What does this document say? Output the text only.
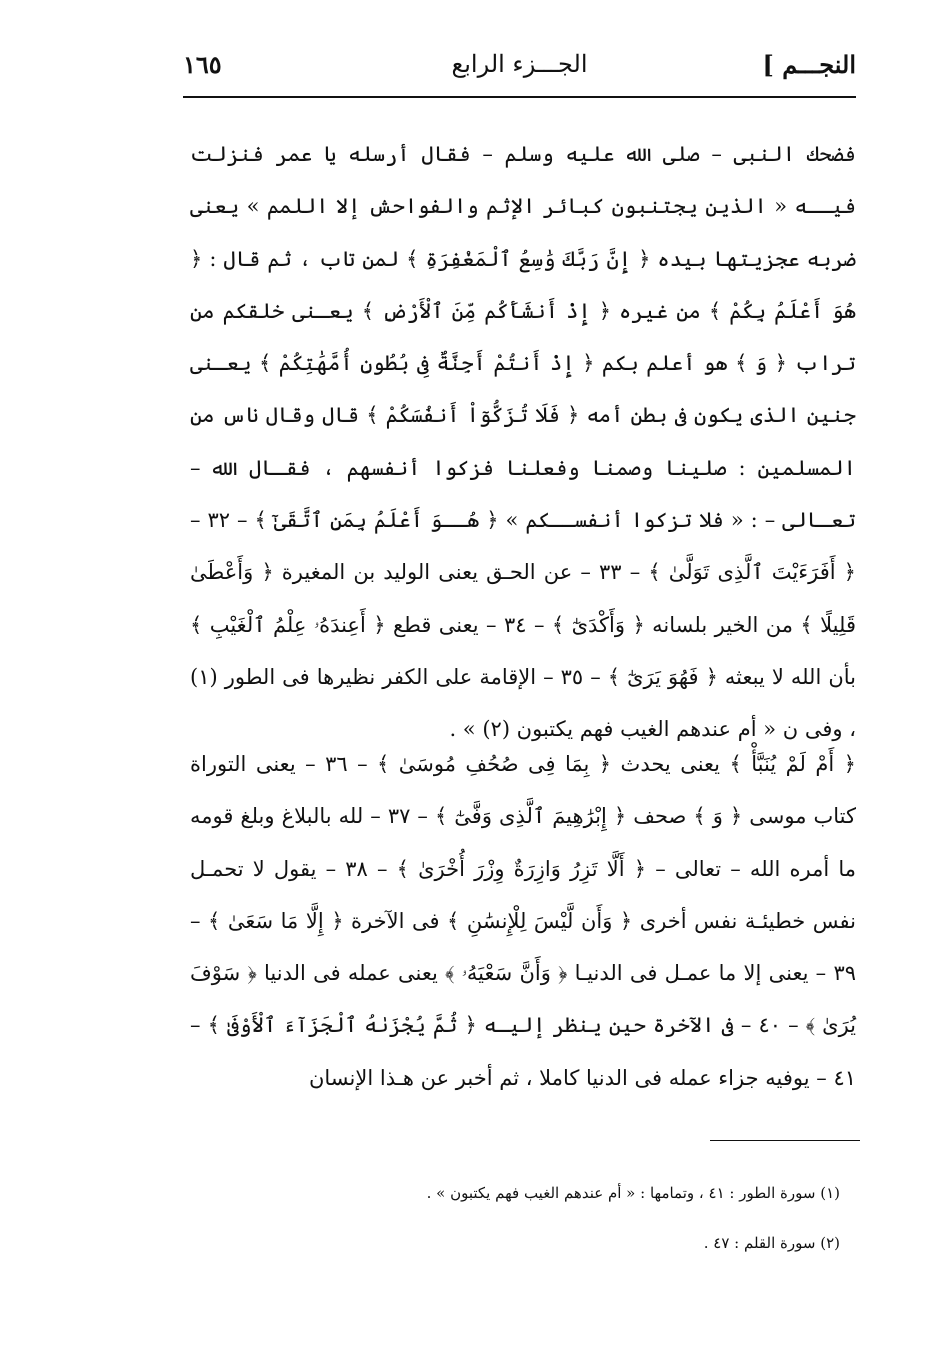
النجـــم ]
الجـــزء الرابع
١٦٥

فضحك النبى – صلى الله عليه وسلم – فقال أرسله يا عمر فنزلت فيــه « الذين يجتنبون كبائر الإثم والفواحش إلا اللمم » يعنى ضربه عجزيتها بيده ﴿ إِنَّ رَبَّكَ وَٰسِعُ ٱلْمَغْفِرَةِ ﴾ لمن تاب ، ثم قال : ﴿ هُوَ أَعْلَمُ بِكُمْ ﴾ من غيره ﴿ إِذْ أَنشَأَكُم مِّنَ ٱلْأَرْضِ ﴾ يعـنى خلقكم من تراب ﴿ وَ ﴾ هو أعلم بكم ﴿ إِذْ أَنتُمْ أَجِنَّةٌ فِى بُطُونِ أُمَّهَٰتِكُمْ ﴾ يعـنى جنين الذى يكون فى بطن أمه ﴿ فَلَا تُزَكُّوٓاْ أَنفُسَكُمْ ﴾ قال وقال ناس من المسلمين : صلينا وصمنا وفعلنا فزكوا أنفسهم ، فقـال الله – تعـالى – : « فلا تزكوا أنفســكم » ﴿ هُــوَ أَعْلَمُ بِمَنِ ٱتَّقَىٰٓ ﴾ – ٣٢ – ﴿ أَفَرَءَيْتَ ٱلَّذِى تَوَلَّىٰ ﴾ – ٣٣ – عن الحـق يعنى الوليد بن المغيرة ﴿ وَأَعْطَىٰ قَلِيلًا ﴾ من الخير بلسانه ﴿ وَأَكْدَىٰٓ ﴾ – ٣٤ – يعنى قطع ﴿ أَعِندَهُۥ عِلْمُ ٱلْغَيْبِ ﴾ بأن الله لا يبعثه ﴿ فَهُوَ يَرَىٰٓ ﴾ – ٣٥ – الإقامة على الكفر نظيرها فى الطور (١) ، وفى ن « أم عندهم الغيب فهم يكتبون (٢) » .

﴿ أَمْ لَمْ يُنَبَّأْ ﴾ يعنى يحدث ﴿ بِمَا فِى صُحُفِ مُوسَىٰ ﴾ – ٣٦ – يعنى التوراة كتاب موسى ﴿ وَ ﴾ صحف ﴿ إِبْرَٰهِيمَ ٱلَّذِى وَفَّىٰٓ ﴾ – ٣٧ – لله بالبلاغ وبلغ قومه ما أمره الله – تعالى – ﴿ أَلَّا تَزِرُ وَازِرَةٌ وِزْرَ أُخْرَىٰ ﴾ – ٣٨ – يقول لا تحمـل نفس خطيئـة نفس أخرى ﴿ وَأَن لَّيْسَ لِلْإِنسَٰنِ ﴾ فى الآخرة ﴿ إِلَّا مَا سَعَىٰ ﴾ – ٣٩ – يعنى إلا ما عمـل فى الدنيـا ﴿ وَأَنَّ سَعْيَهُۥ ﴾ يعنى عمله فى الدنيا ﴿ سَوْفَ يُرَىٰ ﴾ – ٤٠ – فى الآخرة حين ينظر إليـه ﴿ ثُمَّ يُجْزَىٰهُ ٱلْجَزَآءَ ٱلْأَوْفَىٰ ﴾ – ٤١ – يوفيه جزاء عمله فى الدنيا كاملا ، ثم أخبر عن هـذا الإنسان

(١) سورة الطور : ٤١ ، وتمامها : « أم عندهم الغيب فهم يكتبون » .

(٢) سورة القلم : ٤٧ .
